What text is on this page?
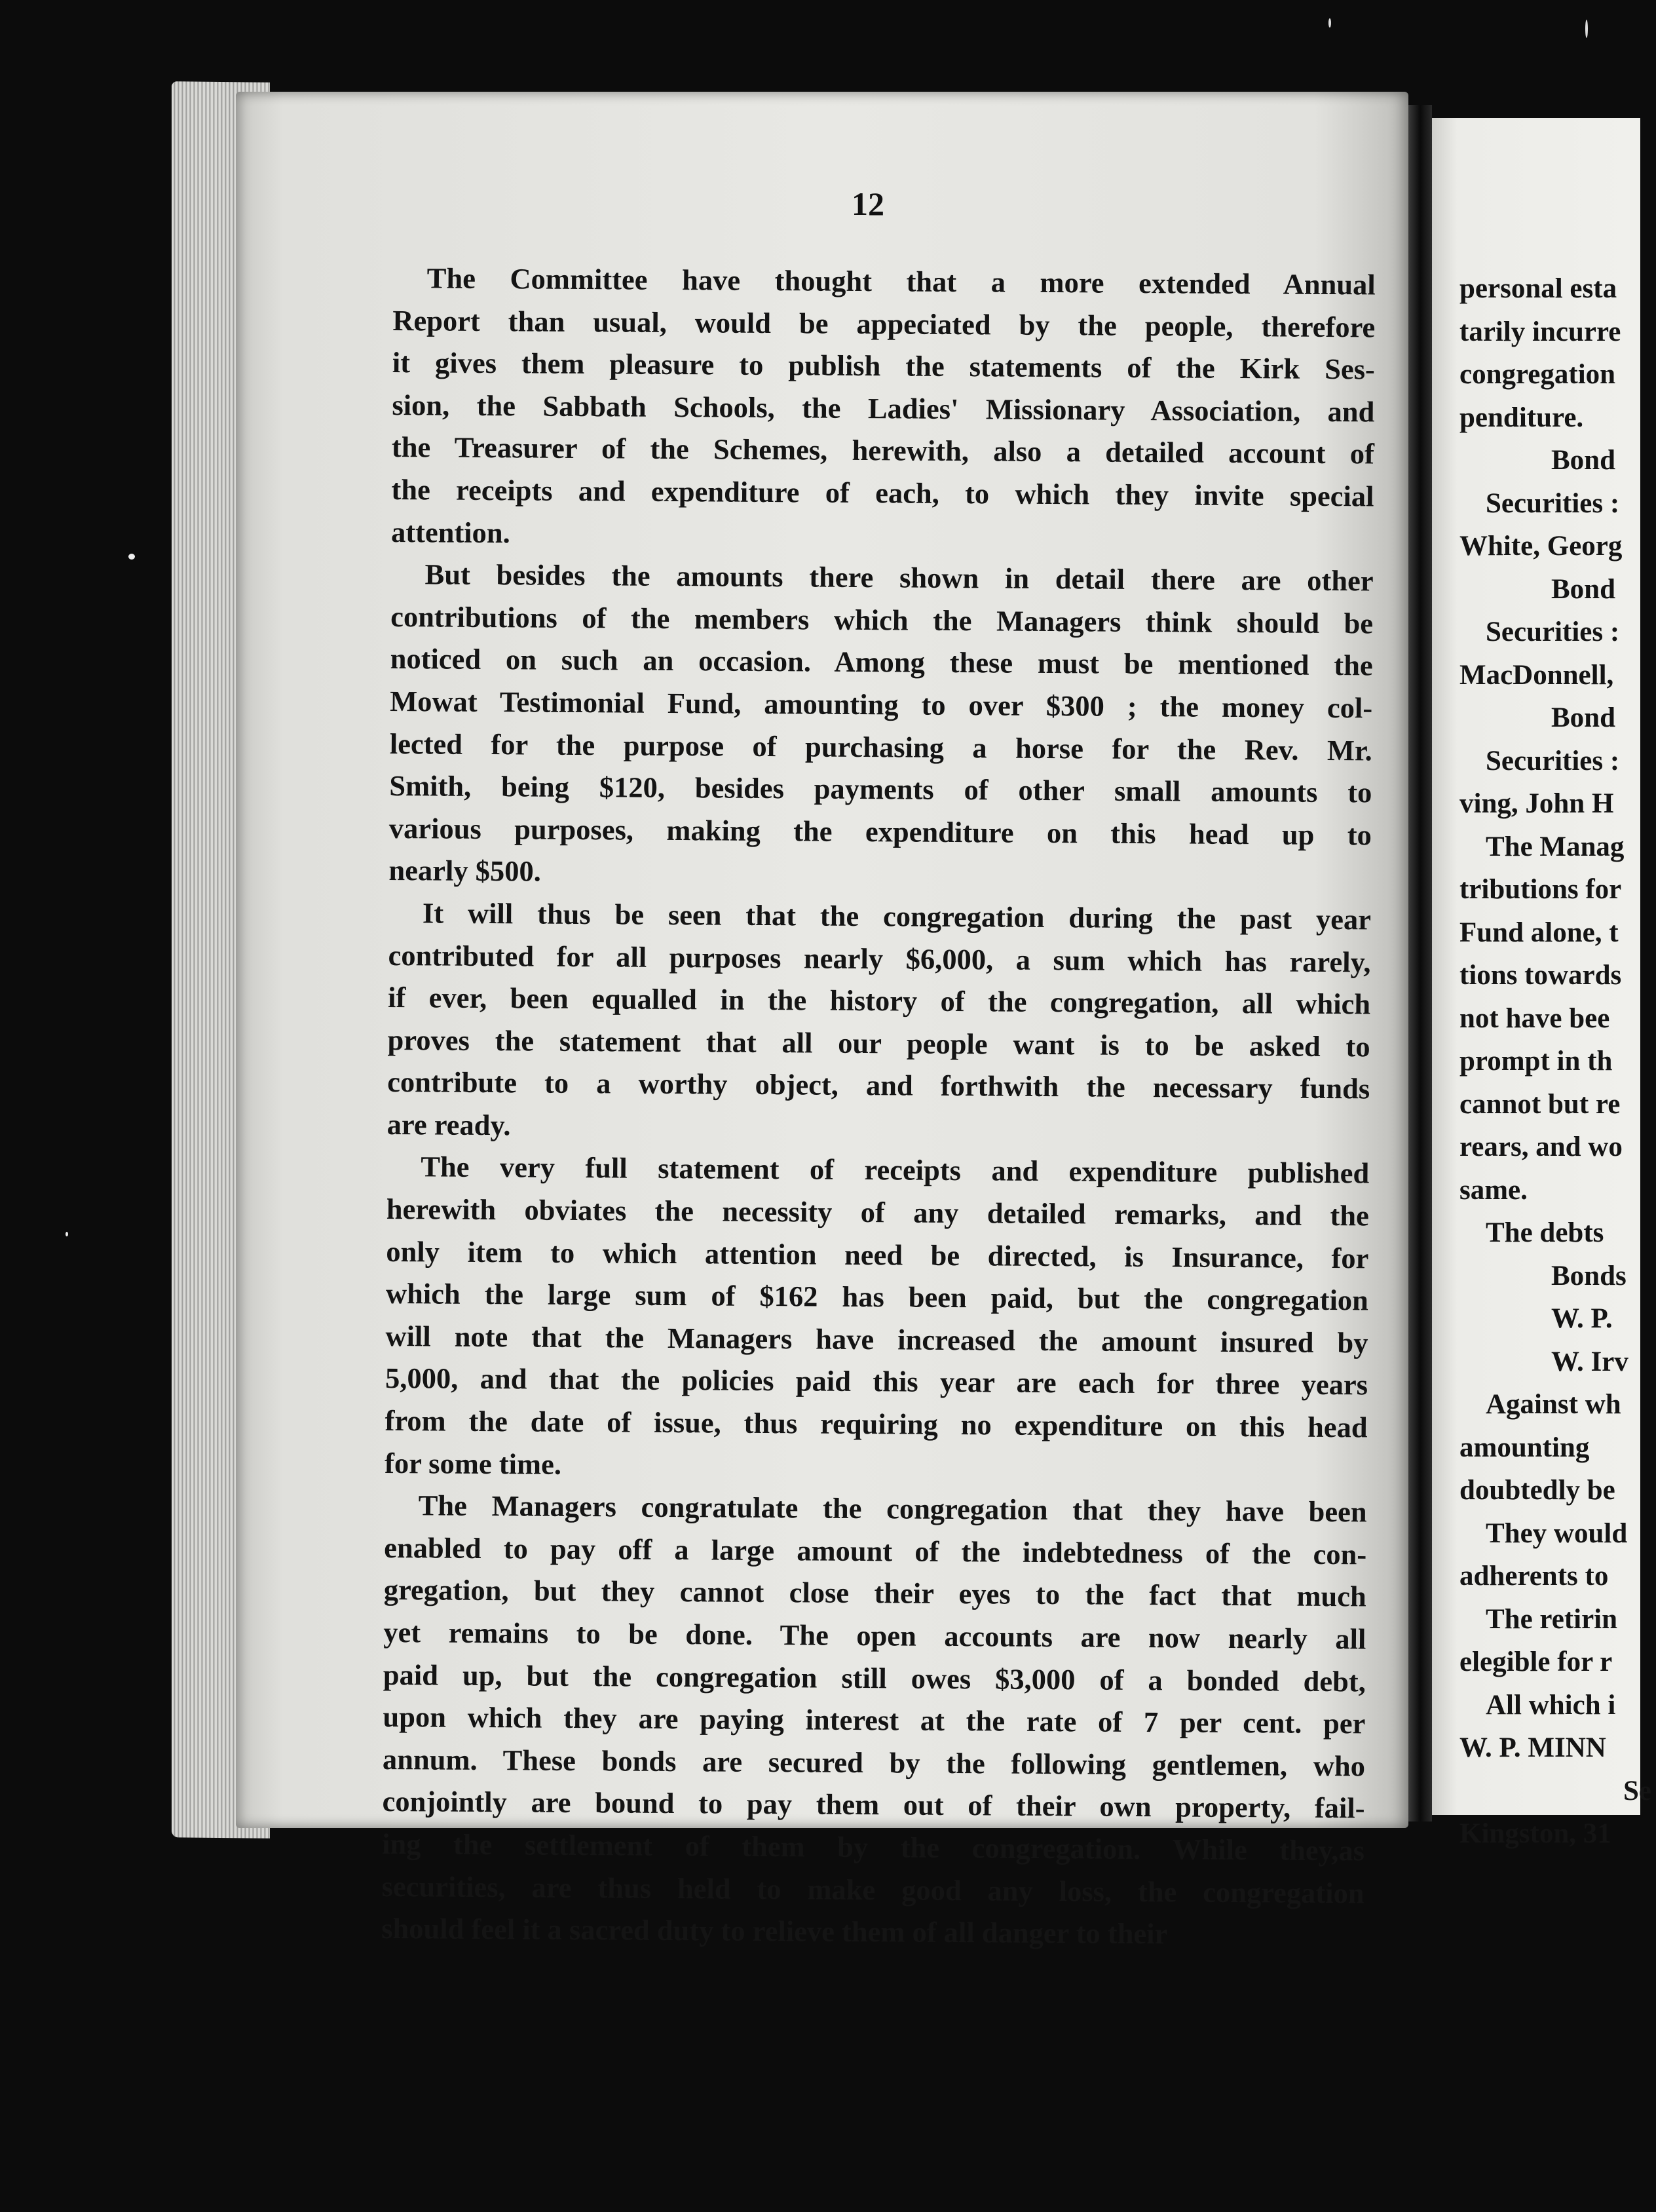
12
The Committee have thought that a more extended Annual
Report than usual, would be appeciated by the people, therefore
it gives them pleasure to publish the statements of the Kirk Ses-
sion, the Sabbath Schools, the Ladies' Missionary Association, and
the Treasurer of the Schemes, herewith, also a detailed account of
the receipts and expenditure of each, to which they invite special
attention.
But besides the amounts there shown in detail there are other
contributions of the members which the Managers think should be
noticed on such an occasion. Among these must be mentioned the
Mowat Testimonial Fund, amounting to over $300 ; the money col-
lected for the purpose of purchasing a horse for the Rev. Mr.
Smith, being $120, besides payments of other small amounts to
various purposes, making the expenditure on this head up to
nearly $500.
It will thus be seen that the congregation during the past year
contributed for all purposes nearly $6,000, a sum which has rarely,
if ever, been equalled in the history of the congregation, all which
proves the statement that all our people want is to be asked to
contribute to a worthy object, and forthwith the necessary funds
are ready.
The very full statement of receipts and expenditure published
herewith obviates the necessity of any detailed remarks, and the
only item to which attention need be directed, is Insurance, for
which the large sum of $162 has been paid, but the congregation
will note that the Managers have increased the amount insured by
5,000, and that the policies paid this year are each for three years
from the date of issue, thus requiring no expenditure on this head
for some time.
The Managers congratulate the congregation that they have been
enabled to pay off a large amount of the indebtedness of the con-
gregation, but they cannot close their eyes to the fact that much
yet remains to be done. The open accounts are now nearly all
paid up, but the congregation still owes $3,000 of a bonded debt,
upon which they are paying interest at the rate of 7 per cent. per
annum. These bonds are secured by the following gentlemen, who
conjointly are bound to pay them out of their own property, fail-
ing the settlement of them by the congregation. While they,as
securities, are thus held to make good any loss, the congregation
should feel it a sacred duty to relieve them of all danger to their
personal esta
tarily incurre
congregation
penditure.
Bond
Securities :
White, Georg
Bond
Securities :
MacDonnell,
Bond
Securities :
ving, John H
The Manag
tributions for
Fund alone, t
tions towards
not have bee
prompt in th
cannot but re
rears, and wo
same.
The debts
Bonds
W. P.
W. Irv
Against wh
amounting
doubtedly be
They would
adherents to
The retirin
elegible for r
All which i
W. P. MINN
Se
Kingston, 31
